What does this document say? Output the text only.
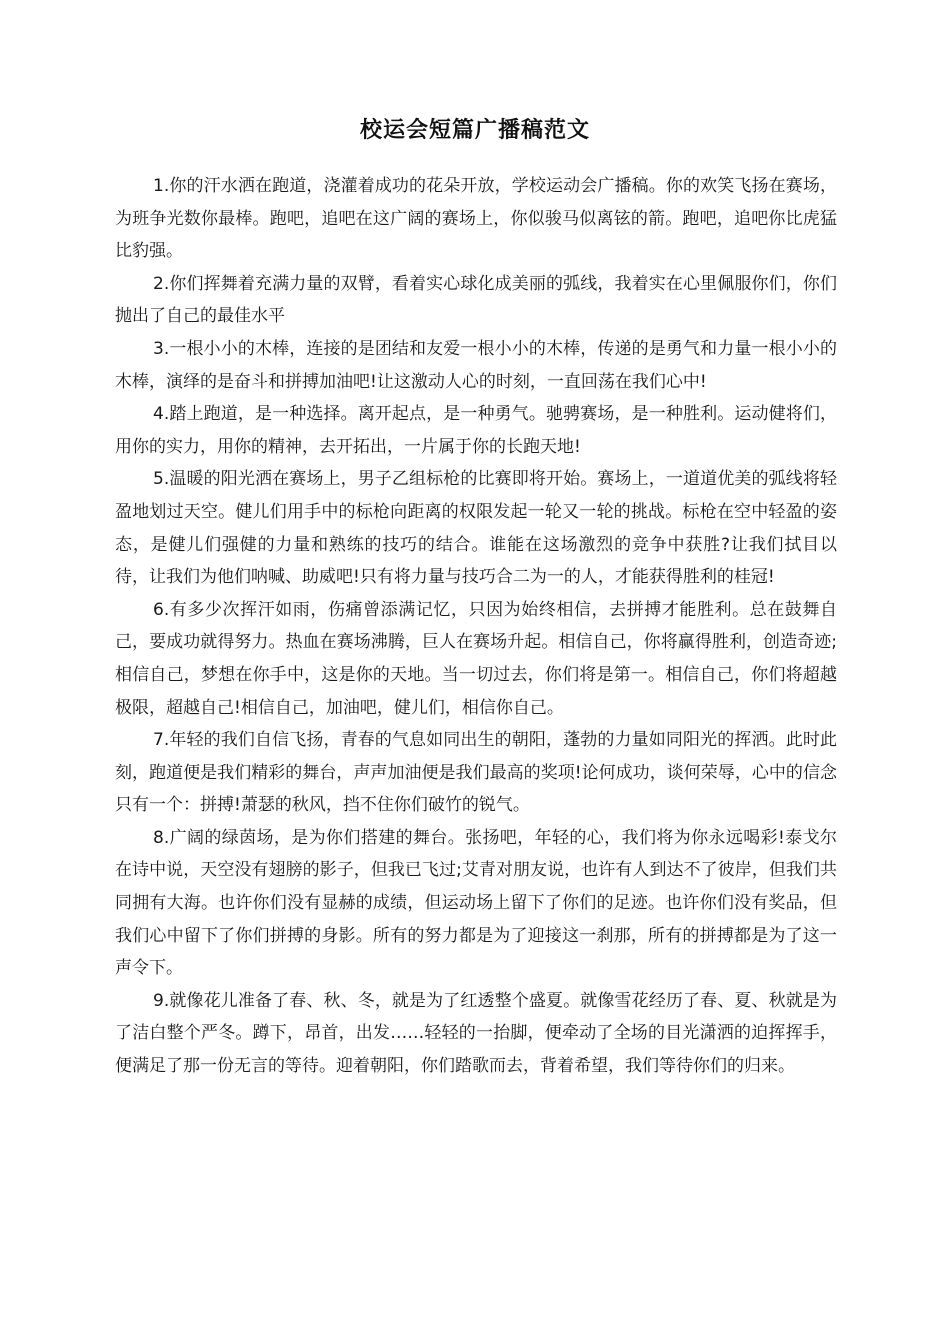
校运会短篇广播稿范文

1.你的汗水洒在跑道，浇灌着成功的花朵开放，学校运动会广播稿。你的欢笑飞扬在赛场，为班争光数你最棒。跑吧，追吧在这广阔的赛场上，你似骏马似离铉的箭。跑吧，追吧你比虎猛比豹强。

2.你们挥舞着充满力量的双臂，看着实心球化成美丽的弧线，我着实在心里佩服你们，你们抛出了自己的最佳水平

3.一根小小的木棒，连接的是团结和友爱一根小小的木棒，传递的是勇气和力量一根小小的木棒，演绎的是奋斗和拼搏加油吧!让这激动人心的时刻，一直回荡在我们心中!

4.踏上跑道，是一种选择。离开起点，是一种勇气。驰骋赛场，是一种胜利。运动健将们，用你的实力，用你的精神，去开拓出，一片属于你的长跑天地!

5.温暖的阳光洒在赛场上，男子乙组标枪的比赛即将开始。赛场上，一道道优美的弧线将轻盈地划过天空。健儿们用手中的标枪向距离的权限发起一轮又一轮的挑战。标枪在空中轻盈的姿态，是健儿们强健的力量和熟练的技巧的结合。谁能在这场激烈的竞争中获胜?让我们拭目以待，让我们为他们呐喊、助威吧!只有将力量与技巧合二为一的人，才能获得胜利的桂冠!

6.有多少次挥汗如雨，伤痛曾添满记忆，只因为始终相信，去拼搏才能胜利。总在鼓舞自己，要成功就得努力。热血在赛场沸腾，巨人在赛场升起。相信自己，你将赢得胜利，创造奇迹;相信自己，梦想在你手中，这是你的天地。当一切过去，你们将是第一。相信自己，你们将超越极限，超越自己!相信自己，加油吧，健儿们，相信你自己。

7.年轻的我们自信飞扬，青春的气息如同出生的朝阳，蓬勃的力量如同阳光的挥洒。此时此刻，跑道便是我们精彩的舞台，声声加油便是我们最高的奖项!论何成功，谈何荣辱，心中的信念只有一个：拼搏!萧瑟的秋风，挡不住你们破竹的锐气。

8.广阔的绿茵场，是为你们搭建的舞台。张扬吧，年轻的心，我们将为你永远喝彩!泰戈尔在诗中说，天空没有翅膀的影子，但我已飞过;艾青对朋友说，也许有人到达不了彼岸，但我们共同拥有大海。也许你们没有显赫的成绩，但运动场上留下了你们的足迹。也许你们没有奖品，但我们心中留下了你们拼搏的身影。所有的努力都是为了迎接这一刹那，所有的拼搏都是为了这一声令下。

9.就像花儿准备了春、秋、冬，就是为了红透整个盛夏。就像雪花经历了春、夏、秋就是为了洁白整个严冬。蹲下，昂首，出发……轻轻的一抬脚，便牵动了全场的目光潇洒的迫挥挥手，便满足了那一份无言的等待。迎着朝阳，你们踏歌而去，背着希望，我们等待你们的归来。
